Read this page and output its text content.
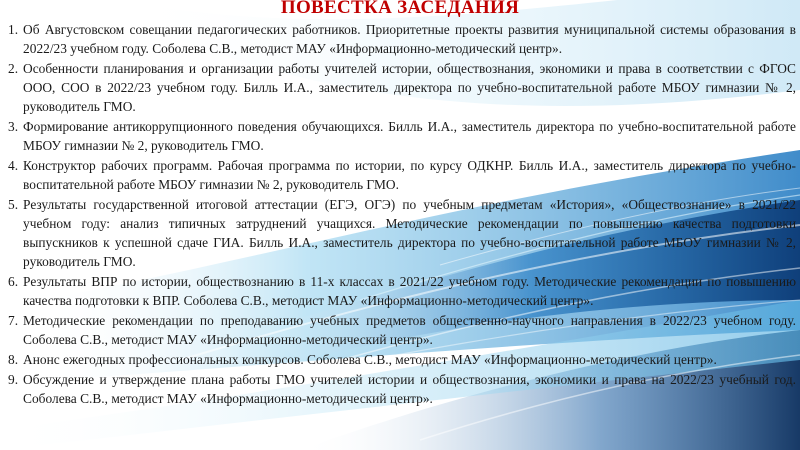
ПОВЕСТКА ЗАСЕДАНИЯ
1. Об Августовском совещании педагогических работников. Приоритетные проекты развития муниципальной системы образования в 2022/23 учебном году. Соболева С.В., методист МАУ «Информационно-методический центр».
2. Особенности планирования и организации работы учителей истории, обществознания, экономики и права в соответствии с ФГОС ООО, СОО в 2022/23 учебном году. Билль И.А., заместитель директора по учебно-воспитательной работе МБОУ гимназии № 2, руководитель ГМО.
3. Формирование антикоррупционного поведения обучающихся. Билль И.А., заместитель директора по учебно-воспитательной работе МБОУ гимназии № 2, руководитель ГМО.
4. Конструктор рабочих программ. Рабочая программа по истории, по курсу ОДКНР. Билль И.А., заместитель директора по учебно-воспитательной работе МБОУ гимназии № 2, руководитель ГМО.
5. Результаты государственной итоговой аттестации (ЕГЭ, ОГЭ) по учебным предметам «История», «Обществознание» в 2021/22 учебном году: анализ типичных затруднений учащихся. Методические рекомендации по повышению качества подготовки выпускников к успешной сдаче ГИА. Билль И.А., заместитель директора по учебно-воспитательной работе МБОУ гимназии № 2, руководитель ГМО.
6. Результаты ВПР по истории, обществознанию в 11-х классах в 2021/22 учебном году. Методические рекомендации по повышению качества подготовки к ВПР. Соболева С.В., методист МАУ «Информационно-методический центр».
7. Методические рекомендации по преподаванию учебных предметов общественно-научного направления в 2022/23 учебном году. Соболева С.В., методист МАУ «Информационно-методический центр».
8. Анонс ежегодных профессиональных конкурсов. Соболева С.В., методист МАУ «Информационно-методический центр».
9. Обсуждение и утверждение плана работы ГМО учителей истории и обществознания, экономики и права на 2022/23 учебный год. Соболева С.В., методист МАУ «Информационно-методический центр».
